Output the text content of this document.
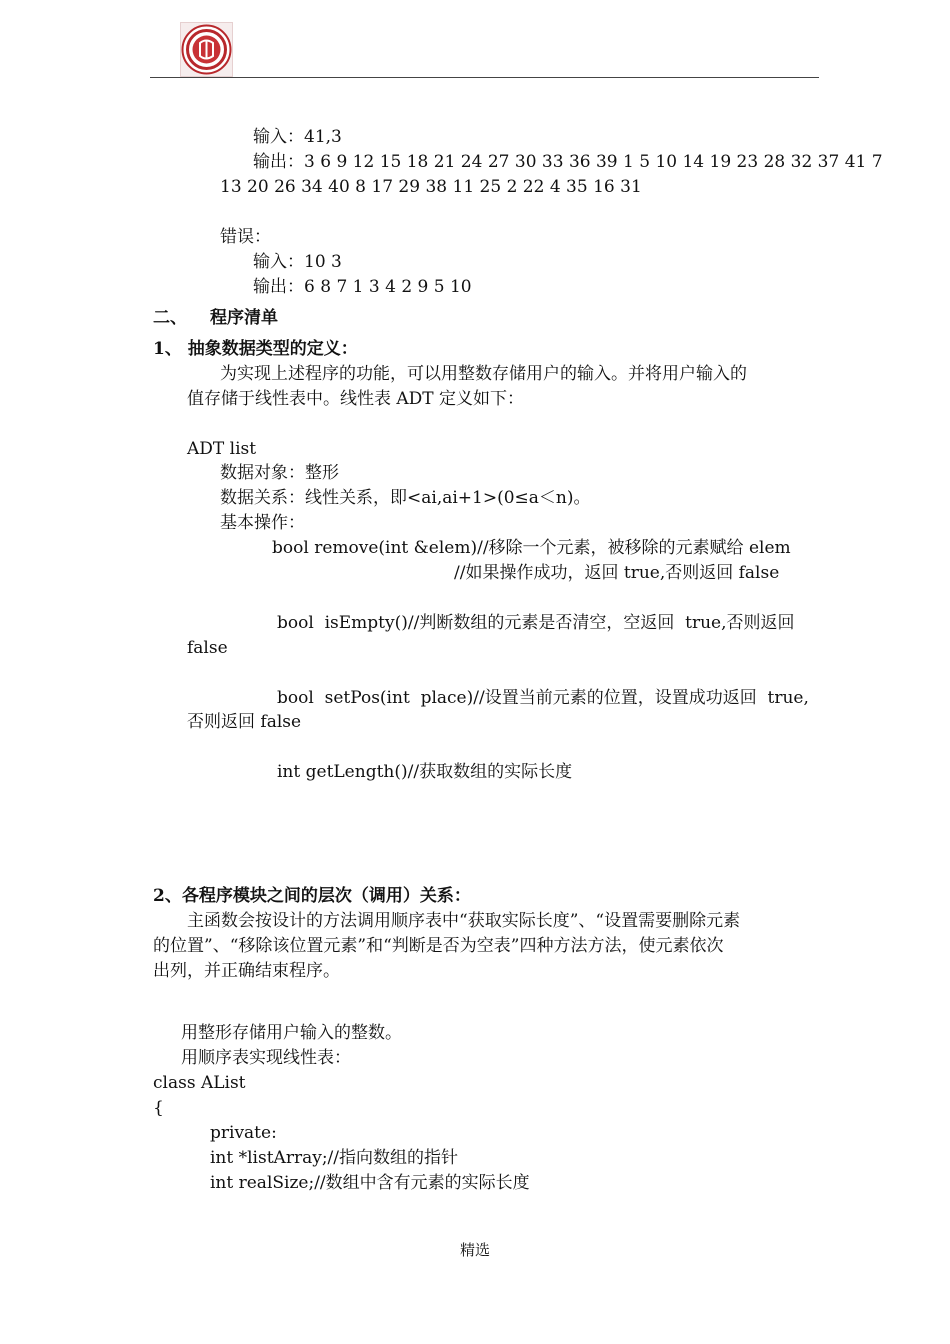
输入：41,3
输出：3 6 9 12 15 18 21 24 27 30 33 36 39 1 5 10 14 19 23 28 32 37 41 7
13 20 26 34 40 8 17 29 38 11 25 2 22 4 35 16 31
错误：
输入：10 3
输出：6 8 7 1 3 4 2 9 5 10
二、 程序清单
1、 抽象数据类型的定义：
为实现上述程序的功能，可以用整数存储用户的输入。并将用户输入的
值存储于线性表中。线性表 ADT 定义如下：
ADT list
数据对象：整形
数据关系：线性关系，即<ai,ai+1>(0≤a＜n)。
基本操作：
bool remove(int &elem)//移除一个元素，被移除的元素赋给 elem
//如果操作成功，返回 true,否则返回 false
bool  isEmpty()//判断数组的元素是否清空，空返回  true,否则返回
false
bool  setPos(int  place)//设置当前元素的位置，设置成功返回  true,
否则返回 false
int getLength()//获取数组的实际长度
2、各程序模块之间的层次（调用）关系：
主函数会按设计的方法调用顺序表中“获取实际长度”、“设置需要删除元素
的位置”、“移除该位置元素”和“判断是否为空表”四种方法方法，使元素依次
出列，并正确结束程序。
用整形存储用户输入的整数。
用顺序表实现线性表：
class AList
{
private:
int *listArray;//指向数组的指针
int realSize;//数组中含有元素的实际长度
精选
